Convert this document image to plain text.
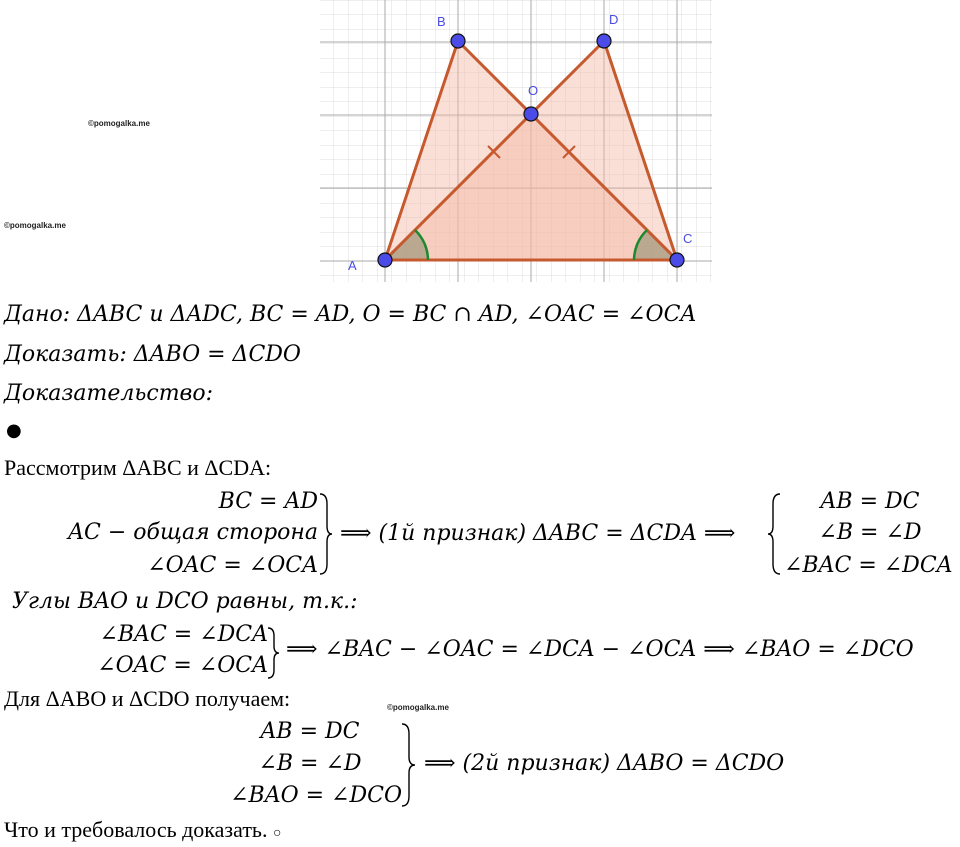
A
B	D
O
C
©pomogalka.me
©pomogalka.me
©pomogalka.me
Дано: ΔABC и ΔADC, BC = AD, O = BC ∩ AD, ∠OAC = ∠OCA
Доказать: ΔABO = ΔCDO
Доказательство:
●
Рассмотрим ΔABC и ΔCDA:
BC = AD
AC − общая сторона
∠OAC = ∠OCA
⟹ (1й признак) ΔABC = ΔCDA ⟹
AB = DC
∠B = ∠D
∠BAC = ∠DCA
Углы BAO и DCO равны, т.к.:
∠BAC = ∠DCA
∠OAC = ∠OCA
⟹ ∠BAC − ∠OAC = ∠DCA − ∠OCA ⟹ ∠BAO = ∠DCO
Для ΔABO и ΔCDO получаем:
AB = DC
∠B = ∠D
∠BAO = ∠DCO
⟹ (2й признак) ΔABO = ΔCDO
Что и требовалось доказать. ○
